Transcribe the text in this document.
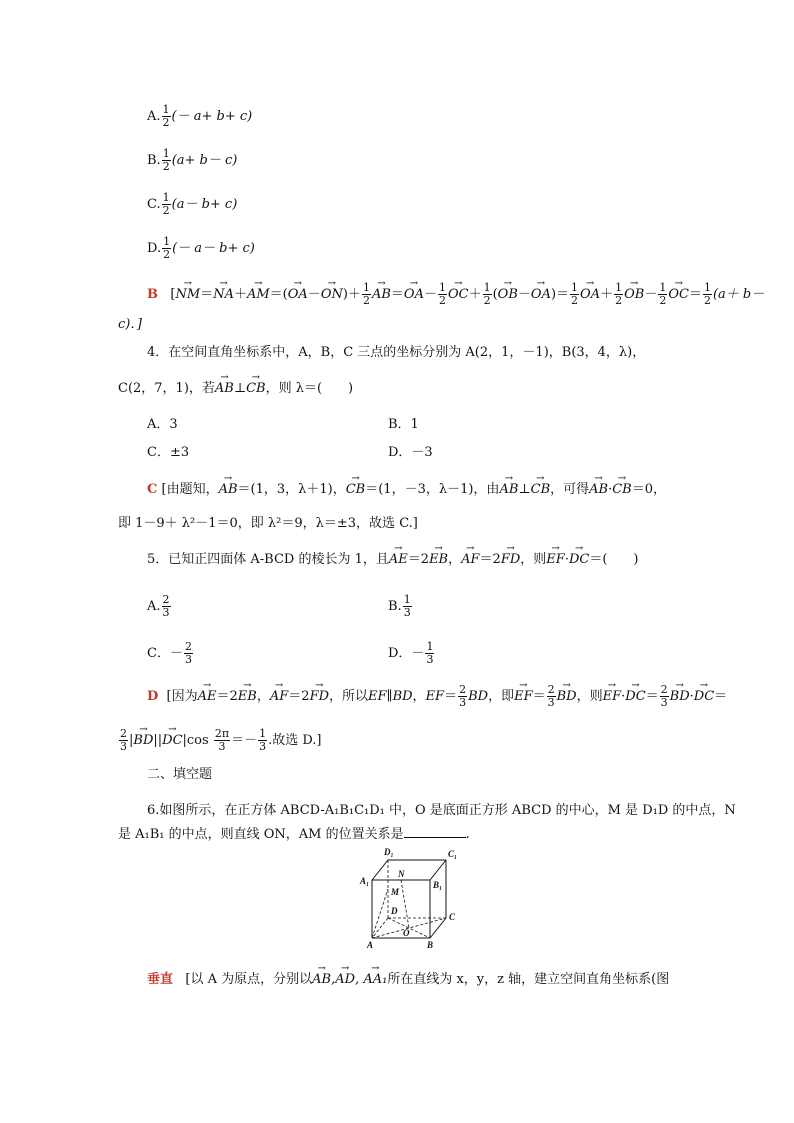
A. $\frac{1}{2}$ (－ a+ b+ c)
B. $\frac{1}{2} (a+ b- c)$
C. $\frac{1}{2} (a- b+ c)$
D. $\frac{1}{2}$ (－ a－ b+ c)
B [→ $NM=\to NA+\to AM=(\to OA-\to ON)+ \frac{1}{2}$
→ $AB=\to OA- \frac{1}{2}$
→ $OC+ \frac{1}{2}$ (→ $OB-\to OA)= \frac{1}{2}$
→ $OA+ \frac{1}{2}$
→ $OB- \frac{1}{2}$
→ $OC= \frac{1}{2} (a+ b-$
c)．]
4．在空间直角坐标系中，A，B，C 三点的坐标分别为 A(2，1，－1)，B(3，4，λ)，
C(2，7，1)，若→ AB⊥→ CB，则 λ＝(　　)
A．3	B．1
C．±3	D．－3
C [由题知，→ AB＝(1，3，λ＋1)，→ CB＝(1，－3，λ－1)，由→ AB⊥→ CB，可得→ AB·→ CB＝0，
即 1－9＋ λ²－1＝0，即 λ²＝9，λ＝±3，故选 C.]
5．已知正四面体 A-BCD 的棱长为 1，且→ AE＝2→ EB，→ AF＝2→ FD，则→ EF·→ DC＝(　　)
A. $\frac{2}{3}$	B. $\frac{1}{3}$
C．－ $\frac{2}{3}$	D．－ $\frac{1}{3}$
D [因为→ AE＝2→ EB，→ AF＝2→ FD，所以EF∥BD，$EF= \frac{2}{3}$ BD，即→ $EF= \frac{2}{3}$
→ BD，则→ $EF\cdot\to DC= \frac{2}{3}$
→ BD·→ DC＝
$\frac{2}{3}$ |→ $BD||\to DC|\cos \frac{2\pi}{3} =- \frac{1}{3}$ .故选 D.]
二、填空题
6.如图所示，在正方体 ABCD-A₁B₁C₁D₁ 中，O 是底面正方形 ABCD 的中心，M 是 D₁D 的中点，N
是 A₁B₁ 的中点，则直线 ON，AM 的位置关系是	.
D₁	C₁
A₁	B₁
N
M
D
C
O
A	B
垂直 [以 A 为原点，分别以→ AB,→ AD, → AA₁所在直线为 x，y，z 轴，建立空间直角坐标系(图
